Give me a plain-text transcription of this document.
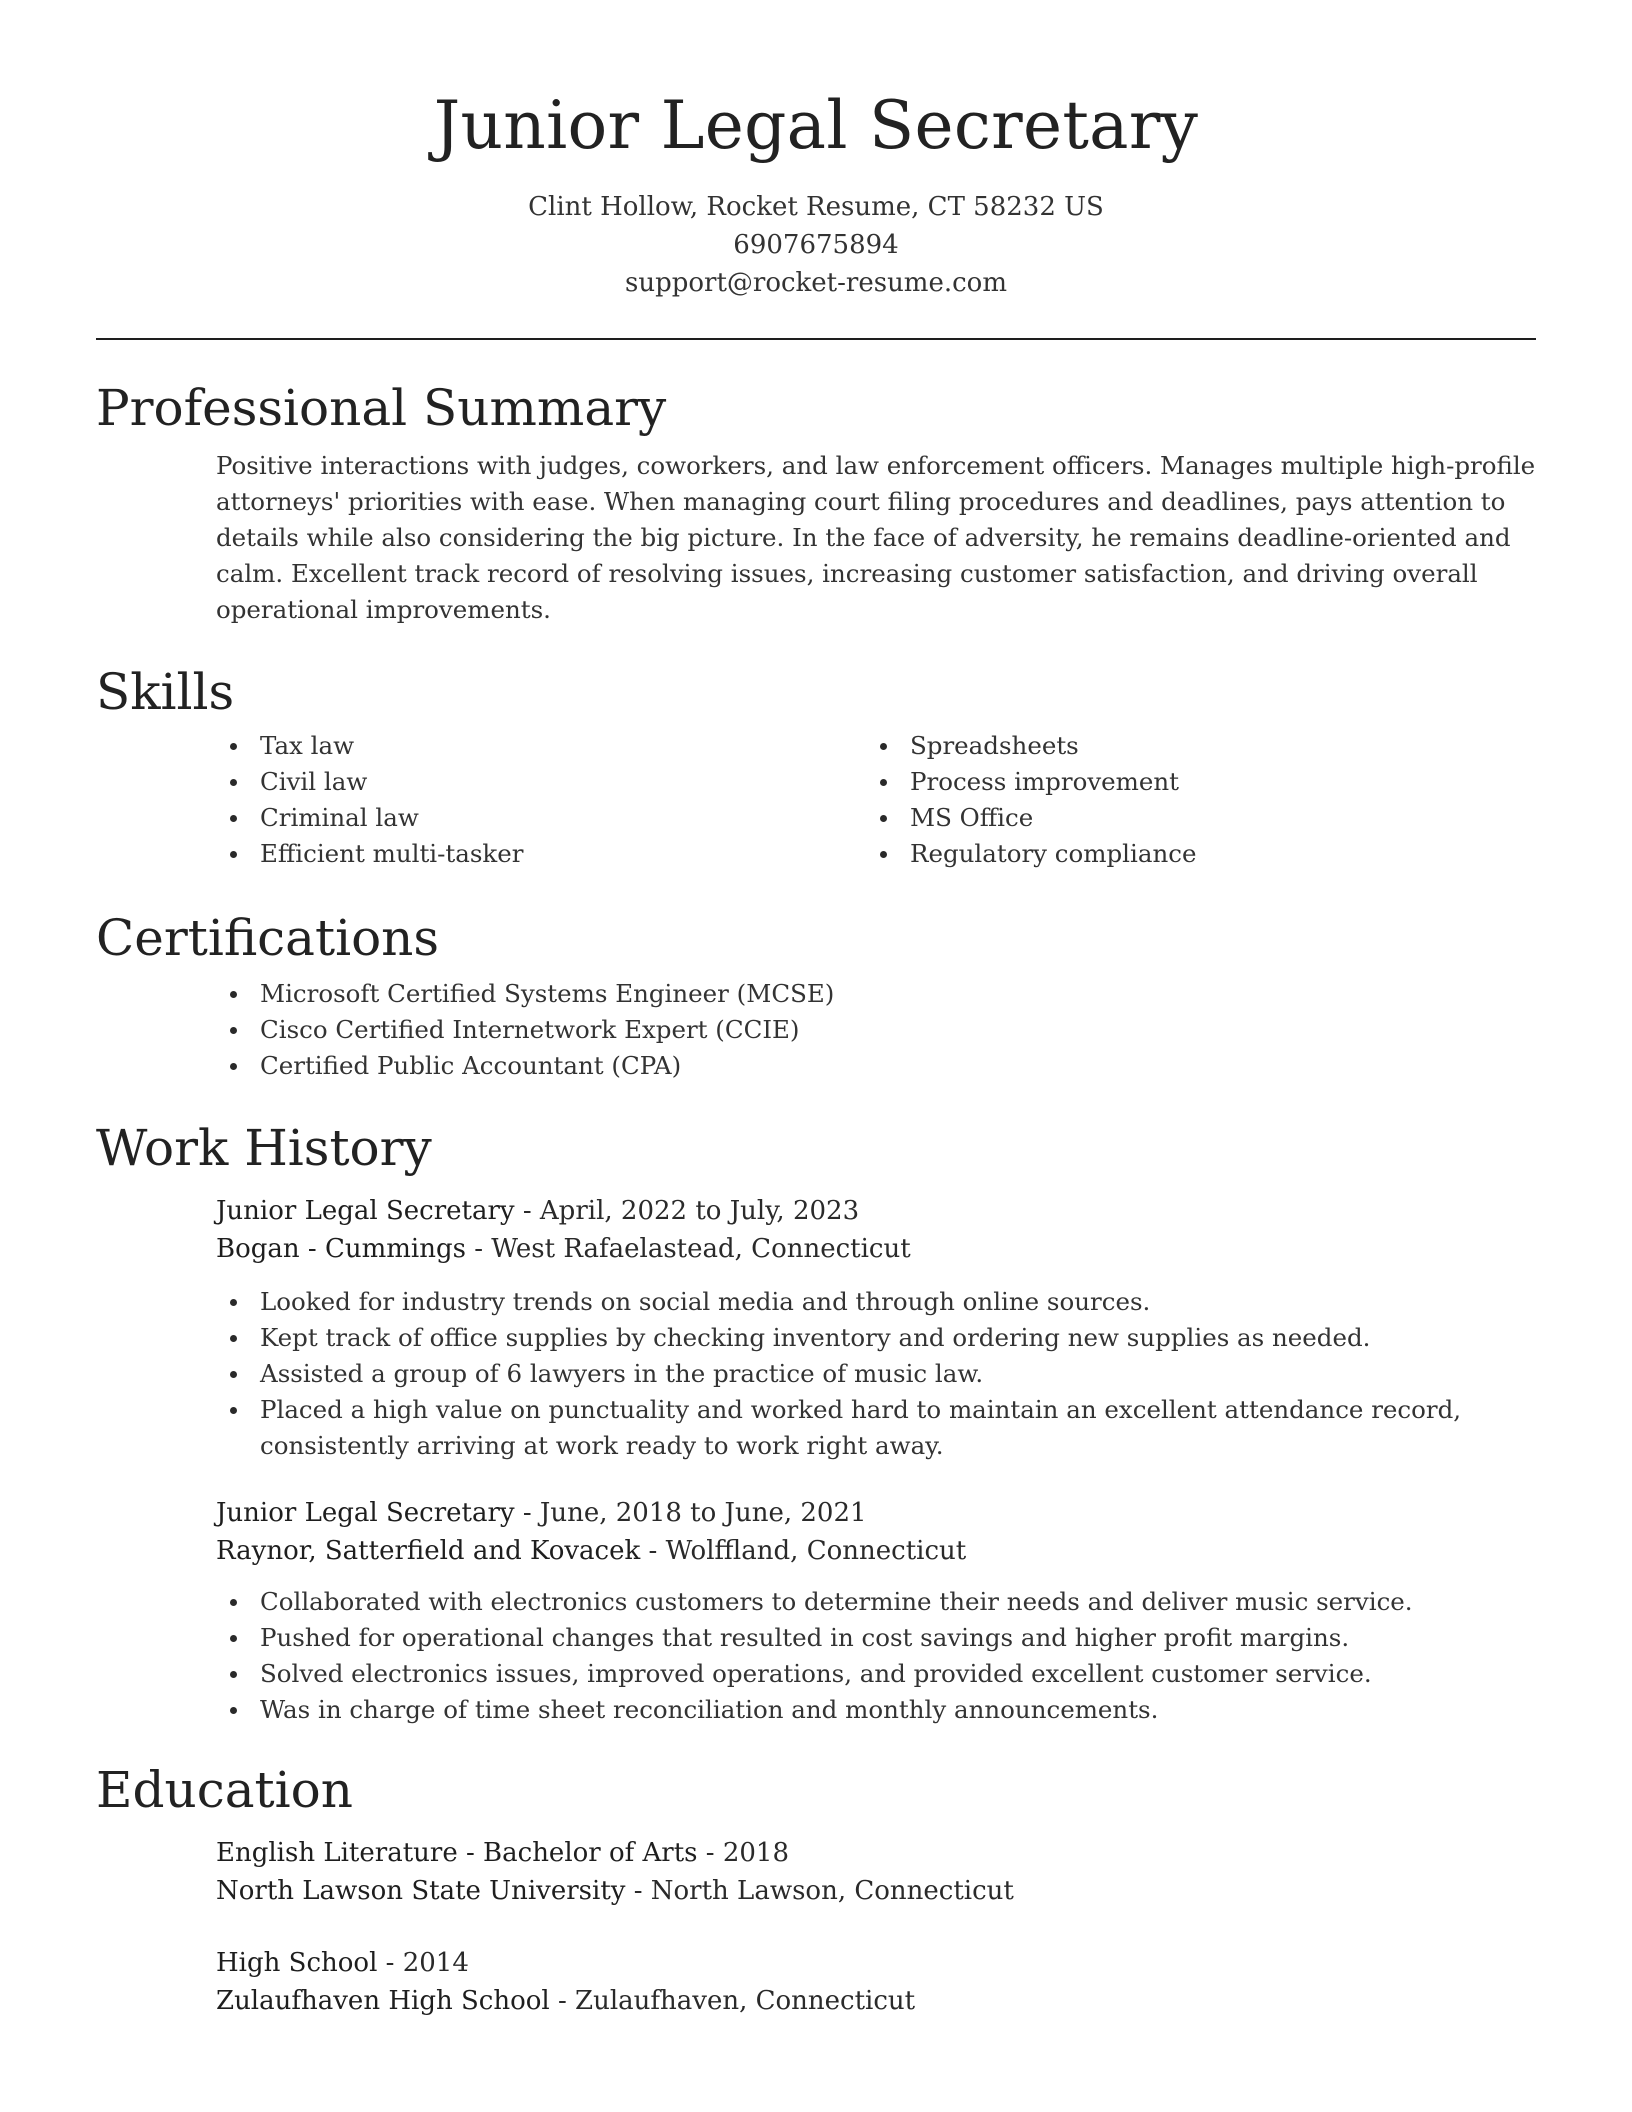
Junior Legal Secretary
Clint Hollow, Rocket Resume, CT 58232 US
6907675894
support@rocket-resume.com
Professional Summary
Positive interactions with judges, coworkers, and law enforcement officers. Manages multiple high-profile attorneys' priorities with ease. When managing court filing procedures and deadlines, pays attention to details while also considering the big picture. In the face of adversity, he remains deadline-oriented and calm. Excellent track record of resolving issues, increasing customer satisfaction, and driving overall operational improvements.
Skills
Tax law
Civil law
Criminal law
Efficient multi-tasker
Spreadsheets
Process improvement
MS Office
Regulatory compliance
Certifications
Microsoft Certified Systems Engineer (MCSE)
Cisco Certified Internetwork Expert (CCIE)
Certified Public Accountant (CPA)
Work History
Junior Legal Secretary - April, 2022 to July, 2023
Bogan - Cummings - West Rafaelastead, Connecticut
Looked for industry trends on social media and through online sources.
Kept track of office supplies by checking inventory and ordering new supplies as needed.
Assisted a group of 6 lawyers in the practice of music law.
Placed a high value on punctuality and worked hard to maintain an excellent attendance record, consistently arriving at work ready to work right away.
Junior Legal Secretary - June, 2018 to June, 2021
Raynor, Satterfield and Kovacek - Wolffland, Connecticut
Collaborated with electronics customers to determine their needs and deliver music service.
Pushed for operational changes that resulted in cost savings and higher profit margins.
Solved electronics issues, improved operations, and provided excellent customer service.
Was in charge of time sheet reconciliation and monthly announcements.
Education
English Literature - Bachelor of Arts - 2018
North Lawson State University - North Lawson, Connecticut
High School - 2014
Zulaufhaven High School - Zulaufhaven, Connecticut
